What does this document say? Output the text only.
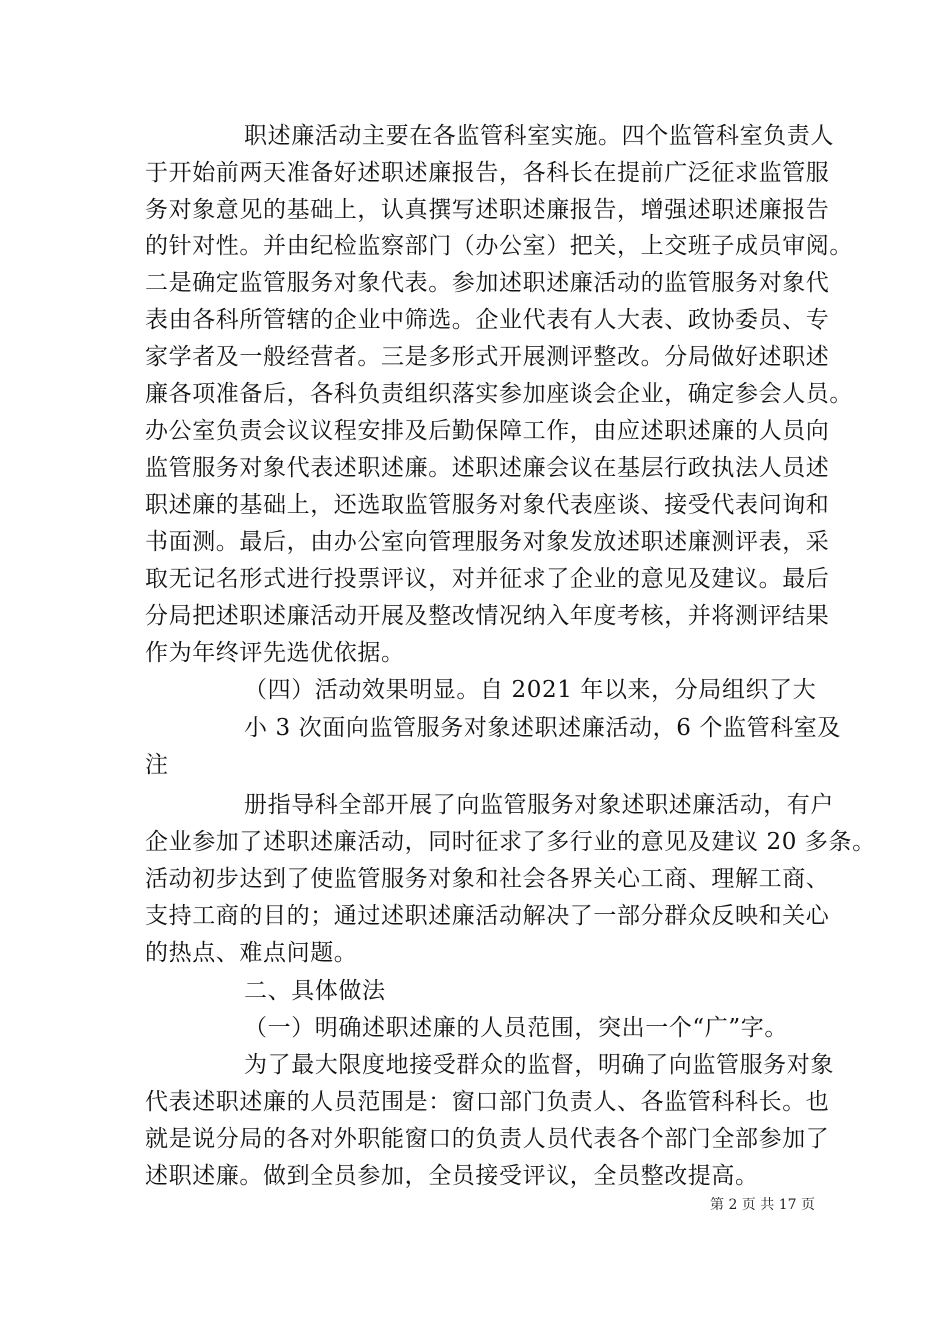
职述廉活动主要在各监管科室实施。四个监管科室负责人
于开始前两天准备好述职述廉报告，各科长在提前广泛征求监管服
务对象意见的基础上，认真撰写述职述廉报告，增强述职述廉报告
的针对性。并由纪检监察部门（办公室）把关，上交班子成员审阅。
二是确定监管服务对象代表。参加述职述廉活动的监管服务对象代
表由各科所管辖的企业中筛选。企业代表有人大表、政协委员、专
家学者及一般经营者。三是多形式开展测评整改。分局做好述职述
廉各项准备后，各科负责组织落实参加座谈会企业，确定参会人员。
办公室负责会议议程安排及后勤保障工作，由应述职述廉的人员向
监管服务对象代表述职述廉。述职述廉会议在基层行政执法人员述
职述廉的基础上，还选取监管服务对象代表座谈、接受代表问询和
书面测。最后，由办公室向管理服务对象发放述职述廉测评表，采
取无记名形式进行投票评议，对并征求了企业的意见及建议。最后
分局把述职述廉活动开展及整改情况纳入年度考核，并将测评结果
作为年终评先选优依据。
（四）活动效果明显。自 2021 年以来，分局组织了大
小 3 次面向监管服务对象述职述廉活动，6 个监管科室及
注
册指导科全部开展了向监管服务对象述职述廉活动，有户
企业参加了述职述廉活动，同时征求了多行业的意见及建议 20 多条。
活动初步达到了使监管服务对象和社会各界关心工商、理解工商、
支持工商的目的；通过述职述廉活动解决了一部分群众反映和关心
的热点、难点问题。
二、具体做法
（一）明确述职述廉的人员范围，突出一个“广”字。
为了最大限度地接受群众的监督，明确了向监管服务对象
代表述职述廉的人员范围是：窗口部门负责人、各监管科科长。也
就是说分局的各对外职能窗口的负责人员代表各个部门全部参加了
述职述廉。做到全员参加，全员接受评议，全员整改提高。
第 2 页 共 17 页
